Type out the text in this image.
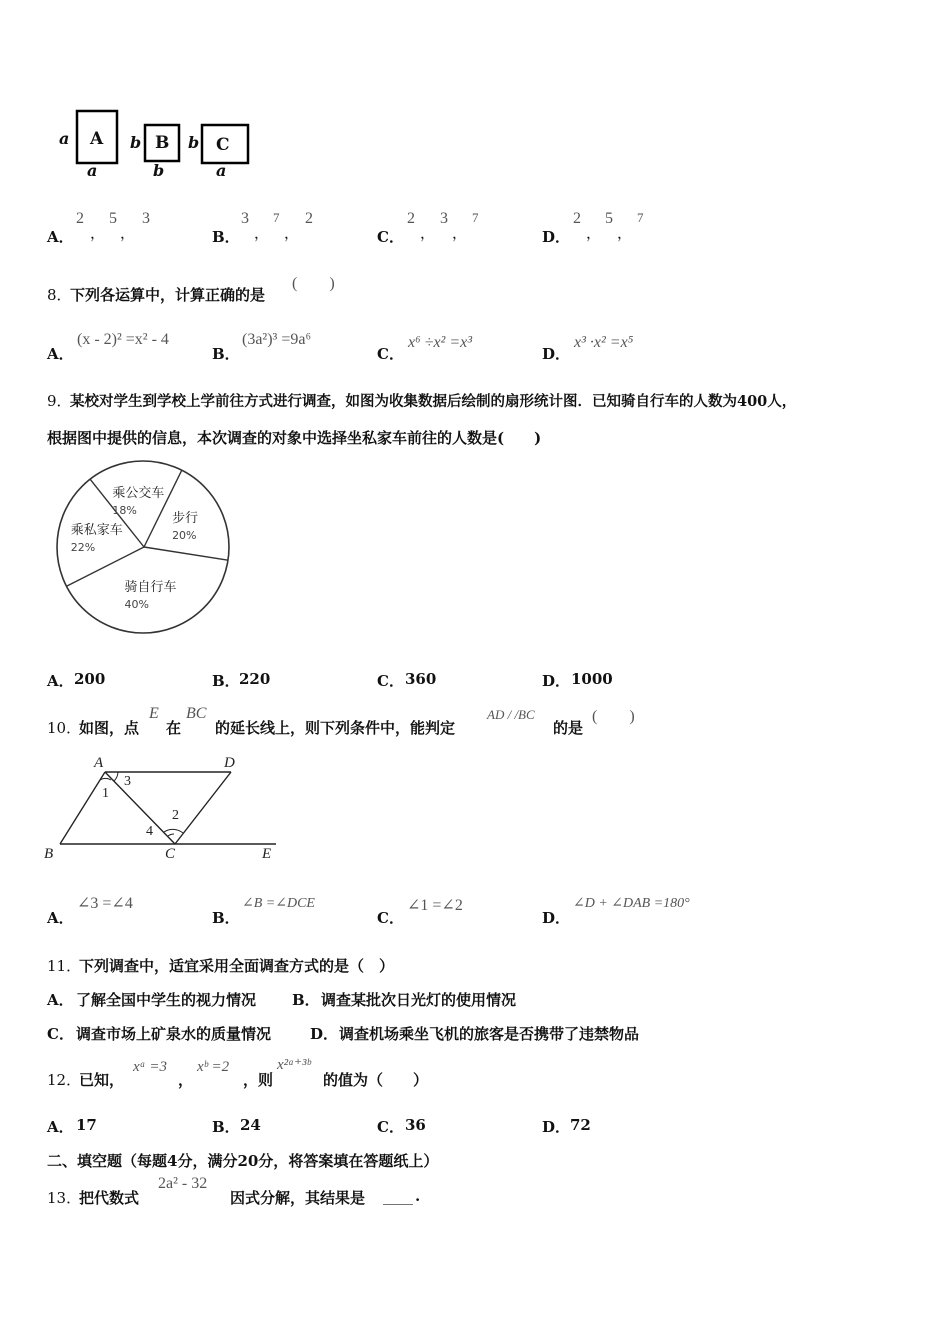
A
a
a
B
b
b
C
b
a
A．
2
，
5
，
3
B．
3
，
7
，
2
C．
2
，
3
，
7
D．
2
，
5
，
7
8．
下列各运算中，计算正确的是
(　　)
A．
(x - 2)² =x² - 4
B．
(3a²)³ =9a⁶
C．
x⁶ ÷x² =x³
D．
x³ ·x² =x⁵
9．
某校对学生到学校上学前往方式进行调查，如图为收集数据后绘制的扇形统计图．已知骑自行车的人数为400人，
根据图中提供的信息，本次调查的对象中选择坐私家车前往的人数是(　　)
乘公交车
18%
步行
20%
骑自行车
40%
乘私家车
22%
A． 200	B． 220	C． 360	D． 1000
10．
如图，点
E
在
BC
的延长线上，则下列条件中，能判定
AD / /BC
的是
(　　)
A	D
B	C	E
1
3
2
4
A．
∠3 =∠4
B．
∠B =∠DCE
C．
∠1 =∠2
D．
∠D + ∠DAB =180°
11．
下列调查中，适宜采用全面调查方式的是（　）
A． 了解全国中学生的视力情况 B． 调查某批次日光灯的使用情况
C． 调查市场上矿泉水的质量情况	D． 调查机场乘坐飞机的旅客是否携带了违禁物品
12．
已知，
xᵃ =3
，
xᵇ =2
，则
x²ᵃ⁺³ᵇ
的值为（　　）
A． 17	B． 24	C． 36	D． 72
二、填空题（每题4分，满分20分，将答案填在答题纸上）
13．
把代数式
2a² - 32
因式分解，其结果是 ____ .
